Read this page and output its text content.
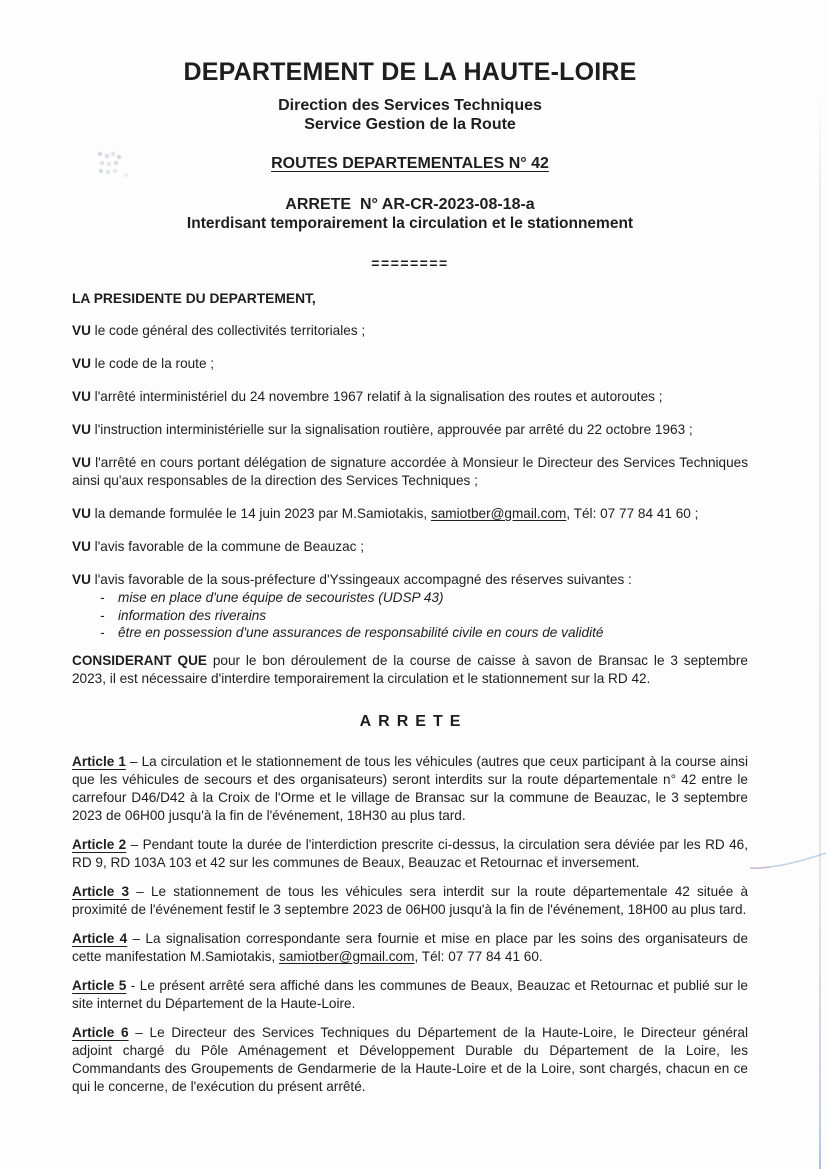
DEPARTEMENT DE LA HAUTE-LOIRE

Direction des Services Techniques

Service Gestion de la Route

ROUTES DEPARTEMENTALES N° 42

ARRETE  N° AR-CR-2023-08-18-a

Interdisant temporairement la circulation et le stationnement

========

LA PRESIDENTE DU DEPARTEMENT,

VU le code général des collectivités territoriales ;

VU le code de la route ;

VU l'arrêté interministériel du 24 novembre 1967 relatif à la signalisation des routes et autoroutes ;

VU l'instruction interministérielle sur la signalisation routière, approuvée par arrêté du 22 octobre 1963 ;

VU l'arrêté en cours portant délégation de signature accordée à Monsieur le Directeur des Services Techniques ainsi qu'aux responsables de la direction des Services Techniques ;

VU la demande formulée le 14 juin 2023 par M.Samiotakis, samiotber@gmail.com, Tél: 07 77 84 41 60 ;

VU l'avis favorable de la commune de Beauzac ;

VU l'avis favorable de la sous-préfecture d'Yssingeaux accompagné des réserves suivantes :

- mise en place d'une équipe de secouristes (UDSP 43)
- information des riverains
- être en possession d'une assurances de responsabilité civile en cours de validité

CONSIDERANT QUE pour le bon déroulement de la course de caisse à savon de Bransac le 3 septembre 2023, il est nécessaire d'interdire temporairement la circulation et le stationnement sur la RD 42.

ARRETE

Article 1 – La circulation et le stationnement de tous les véhicules (autres que ceux participant à la course ainsi que les véhicules de secours et des organisateurs) seront interdits sur la route départementale n° 42 entre le carrefour D46/D42 à la Croix de l'Orme et le village de Bransac sur la commune de Beauzac, le 3 septembre 2023 de 06H00 jusqu'à la fin de l'événement, 18H30 au plus tard.

Article 2 – Pendant toute la durée de l'interdiction prescrite ci-dessus, la circulation sera déviée par les RD 46, RD 9, RD 103A 103 et 42 sur les communes de Beaux, Beauzac et Retournac et inversement.

Article 3 – Le stationnement de tous les véhicules sera interdit sur la route départementale 42 située à proximité de l'événement festif le 3 septembre 2023 de 06H00 jusqu'à la fin de l'événement, 18H00 au plus tard.

Article 4 – La signalisation correspondante sera fournie et mise en place par les soins des organisateurs de cette manifestation M.Samiotakis, samiotber@gmail.com, Tél: 07 77 84 41 60.

Article 5 - Le présent arrêté sera affiché dans les communes de Beaux, Beauzac et Retournac et publié sur le site internet du Département de la Haute-Loire.

Article 6 – Le Directeur des Services Techniques du Département de la Haute-Loire, le Directeur général adjoint chargé du Pôle Aménagement et Développement Durable du Département de la Loire, les Commandants des Groupements de Gendarmerie de la Haute-Loire et de la Loire, sont chargés, chacun en ce qui le concerne, de l'exécution du présent arrêté.
